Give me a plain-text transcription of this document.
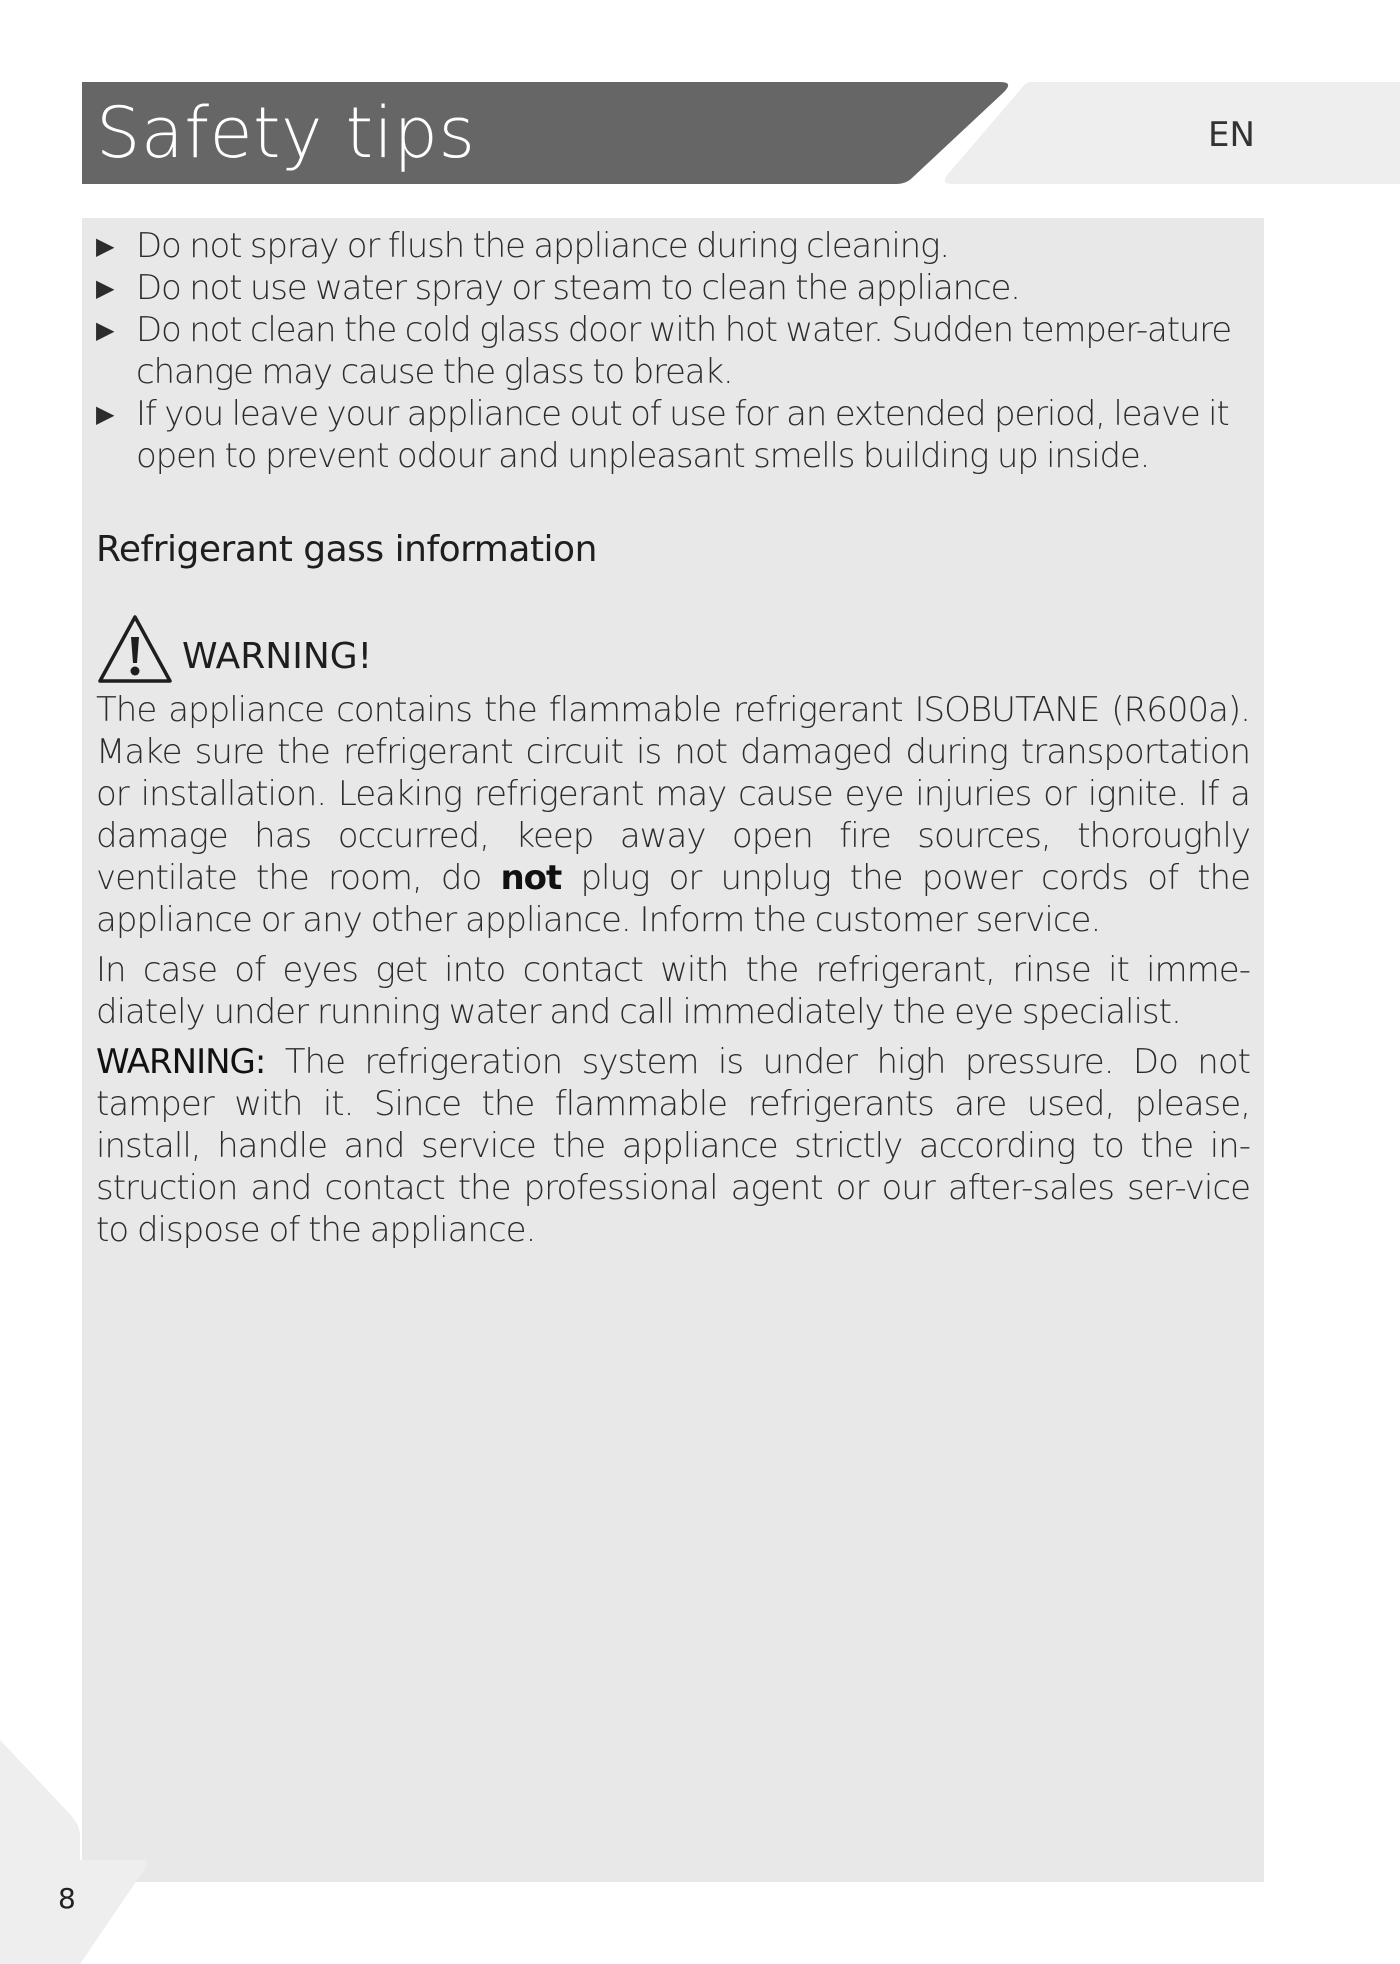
Safety tips	EN
▶ Do not spray or flush the appliance during cleaning.
▶ Do not use water spray or steam to clean the appliance.
▶ Do not clean the cold glass door with hot water. Sudden temper-ature change may cause the glass to break.
▶ If you leave your appliance out of use for an extended period, leave it open to prevent odour and unpleasant smells building up inside.
Refrigerant gass information
WARNING!

The appliance contains the flammable refrigerant ISOBUTANE (R600a). Make sure the refrigerant circuit is not damaged during transportation or installation. Leaking refrigerant may cause eye injuries or ignite. If a damage has occurred, keep away open fire sources, thoroughly ventilate the room, do not plug or unplug the power cords of the appliance or any other appliance. Inform the customer service.

In case of eyes get into contact with the refrigerant, rinse it imme-diately under running water and call immediately the eye specialist.

WARNING: The refrigeration system is under high pressure. Do not tamper with it. Since the flammable refrigerants are used, please, install, handle and service the appliance strictly according to the in-struction and contact the professional agent or our after-sales ser-vice to dispose of the appliance.

8
